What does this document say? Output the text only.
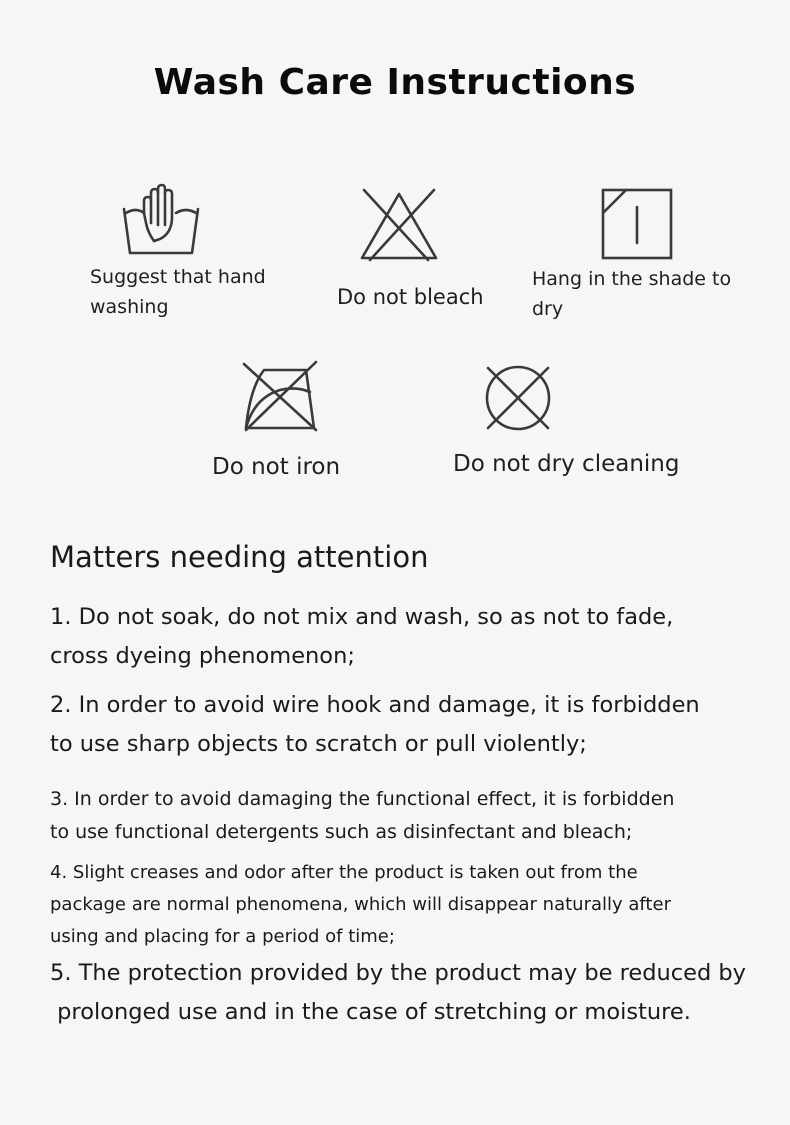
Wash Care Instructions
Suggest that hand
washing	Do not bleach
Hang in the shade to
dry
Do not iron	Do not dry cleaning
Matters needing attention
1. Do not soak, do not mix and wash, so as not to fade,
cross dyeing phenomenon;
2. In order to avoid wire hook and damage, it is forbidden
to use sharp objects to scratch or pull violently;
3. In order to avoid damaging the functional effect, it is forbidden
to use functional detergents such as disinfectant and bleach;
4. Slight creases and odor after the product is taken out from the
package are normal phenomena, which will disappear naturally after
using and placing for a period of time;
5. The protection provided by the product may be reduced by
prolonged use and in the case of stretching or moisture.
